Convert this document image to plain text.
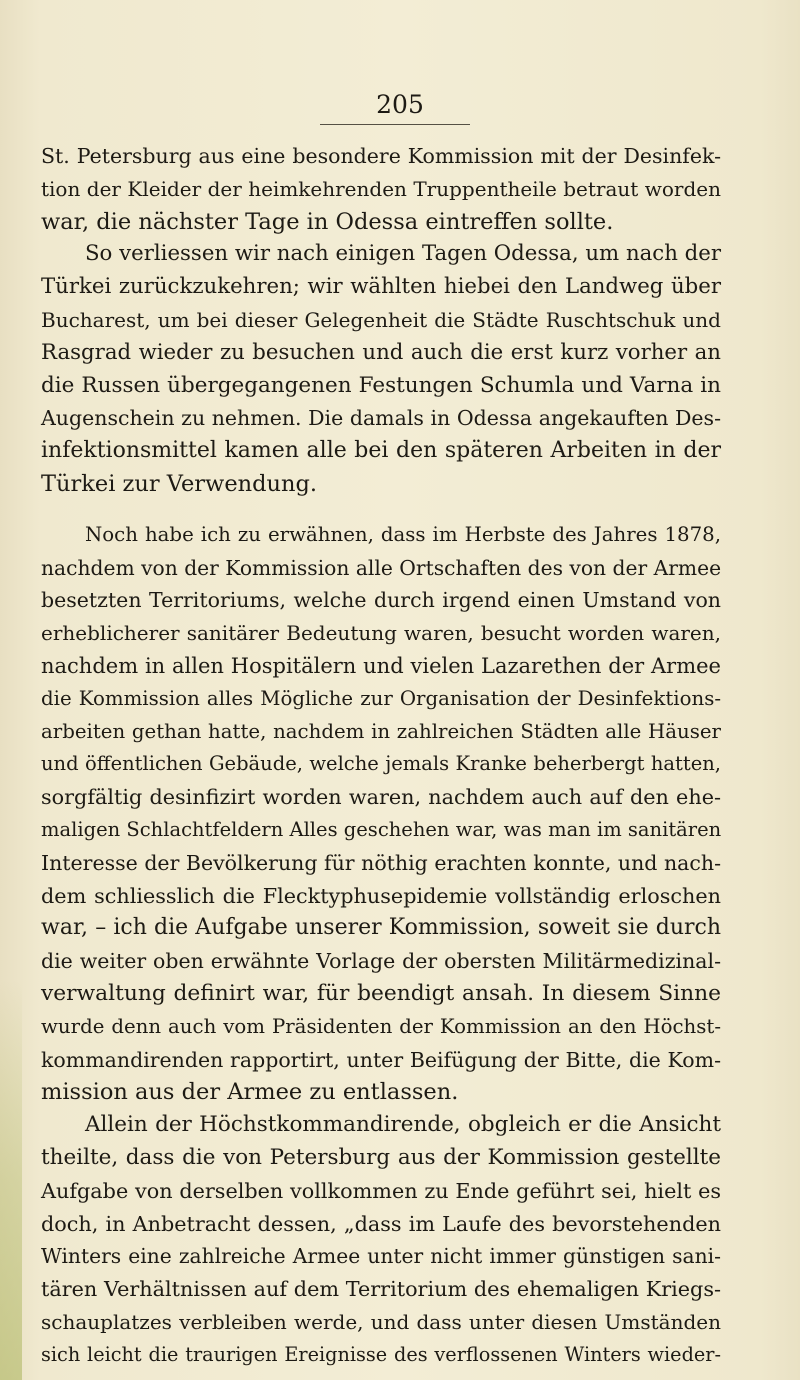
205
St. Petersburg aus eine besondere Kommission mit der Desinfek-
tion der Kleider der heimkehrenden Truppentheile betraut worden
war, die nächster Tage in Odessa eintreffen sollte.
So verliessen wir nach einigen Tagen Odessa, um nach der
Türkei zurückzukehren; wir wählten hiebei den Landweg über
Bucharest, um bei dieser Gelegenheit die Städte Ruschtschuk und
Rasgrad wieder zu besuchen und auch die erst kurz vorher an
die Russen übergegangenen Festungen Schumla und Varna in
Augenschein zu nehmen. Die damals in Odessa angekauften Des-
infektionsmittel kamen alle bei den späteren Arbeiten in der
Türkei zur Verwendung.
Noch habe ich zu erwähnen, dass im Herbste des Jahres 1878,
nachdem von der Kommission alle Ortschaften des von der Armee
besetzten Territoriums, welche durch irgend einen Umstand von
erheblicherer sanitärer Bedeutung waren, besucht worden waren,
nachdem in allen Hospitälern und vielen Lazarethen der Armee
die Kommission alles Mögliche zur Organisation der Desinfektions-
arbeiten gethan hatte, nachdem in zahlreichen Städten alle Häuser
und öffentlichen Gebäude, welche jemals Kranke beherbergt hatten,
sorgfältig desinfizirt worden waren, nachdem auch auf den ehe-
maligen Schlachtfeldern Alles geschehen war, was man im sanitären
Interesse der Bevölkerung für nöthig erachten konnte, und nach-
dem schliesslich die Flecktyphusepidemie vollständig erloschen
war, – ich die Aufgabe unserer Kommission, soweit sie durch
die weiter oben erwähnte Vorlage der obersten Militärmedizinal-
verwaltung definirt war, für beendigt ansah. In diesem Sinne
wurde denn auch vom Präsidenten der Kommission an den Höchst-
kommandirenden rapportirt, unter Beifügung der Bitte, die Kom-
mission aus der Armee zu entlassen.
Allein der Höchstkommandirende, obgleich er die Ansicht
theilte, dass die von Petersburg aus der Kommission gestellte
Aufgabe von derselben vollkommen zu Ende geführt sei, hielt es
doch, in Anbetracht dessen, „dass im Laufe des bevorstehenden
Winters eine zahlreiche Armee unter nicht immer günstigen sani-
tären Verhältnissen auf dem Territorium des ehemaligen Kriegs-
schauplatzes verbleiben werde, und dass unter diesen Umständen
sich leicht die traurigen Ereignisse des verflossenen Winters wieder-
